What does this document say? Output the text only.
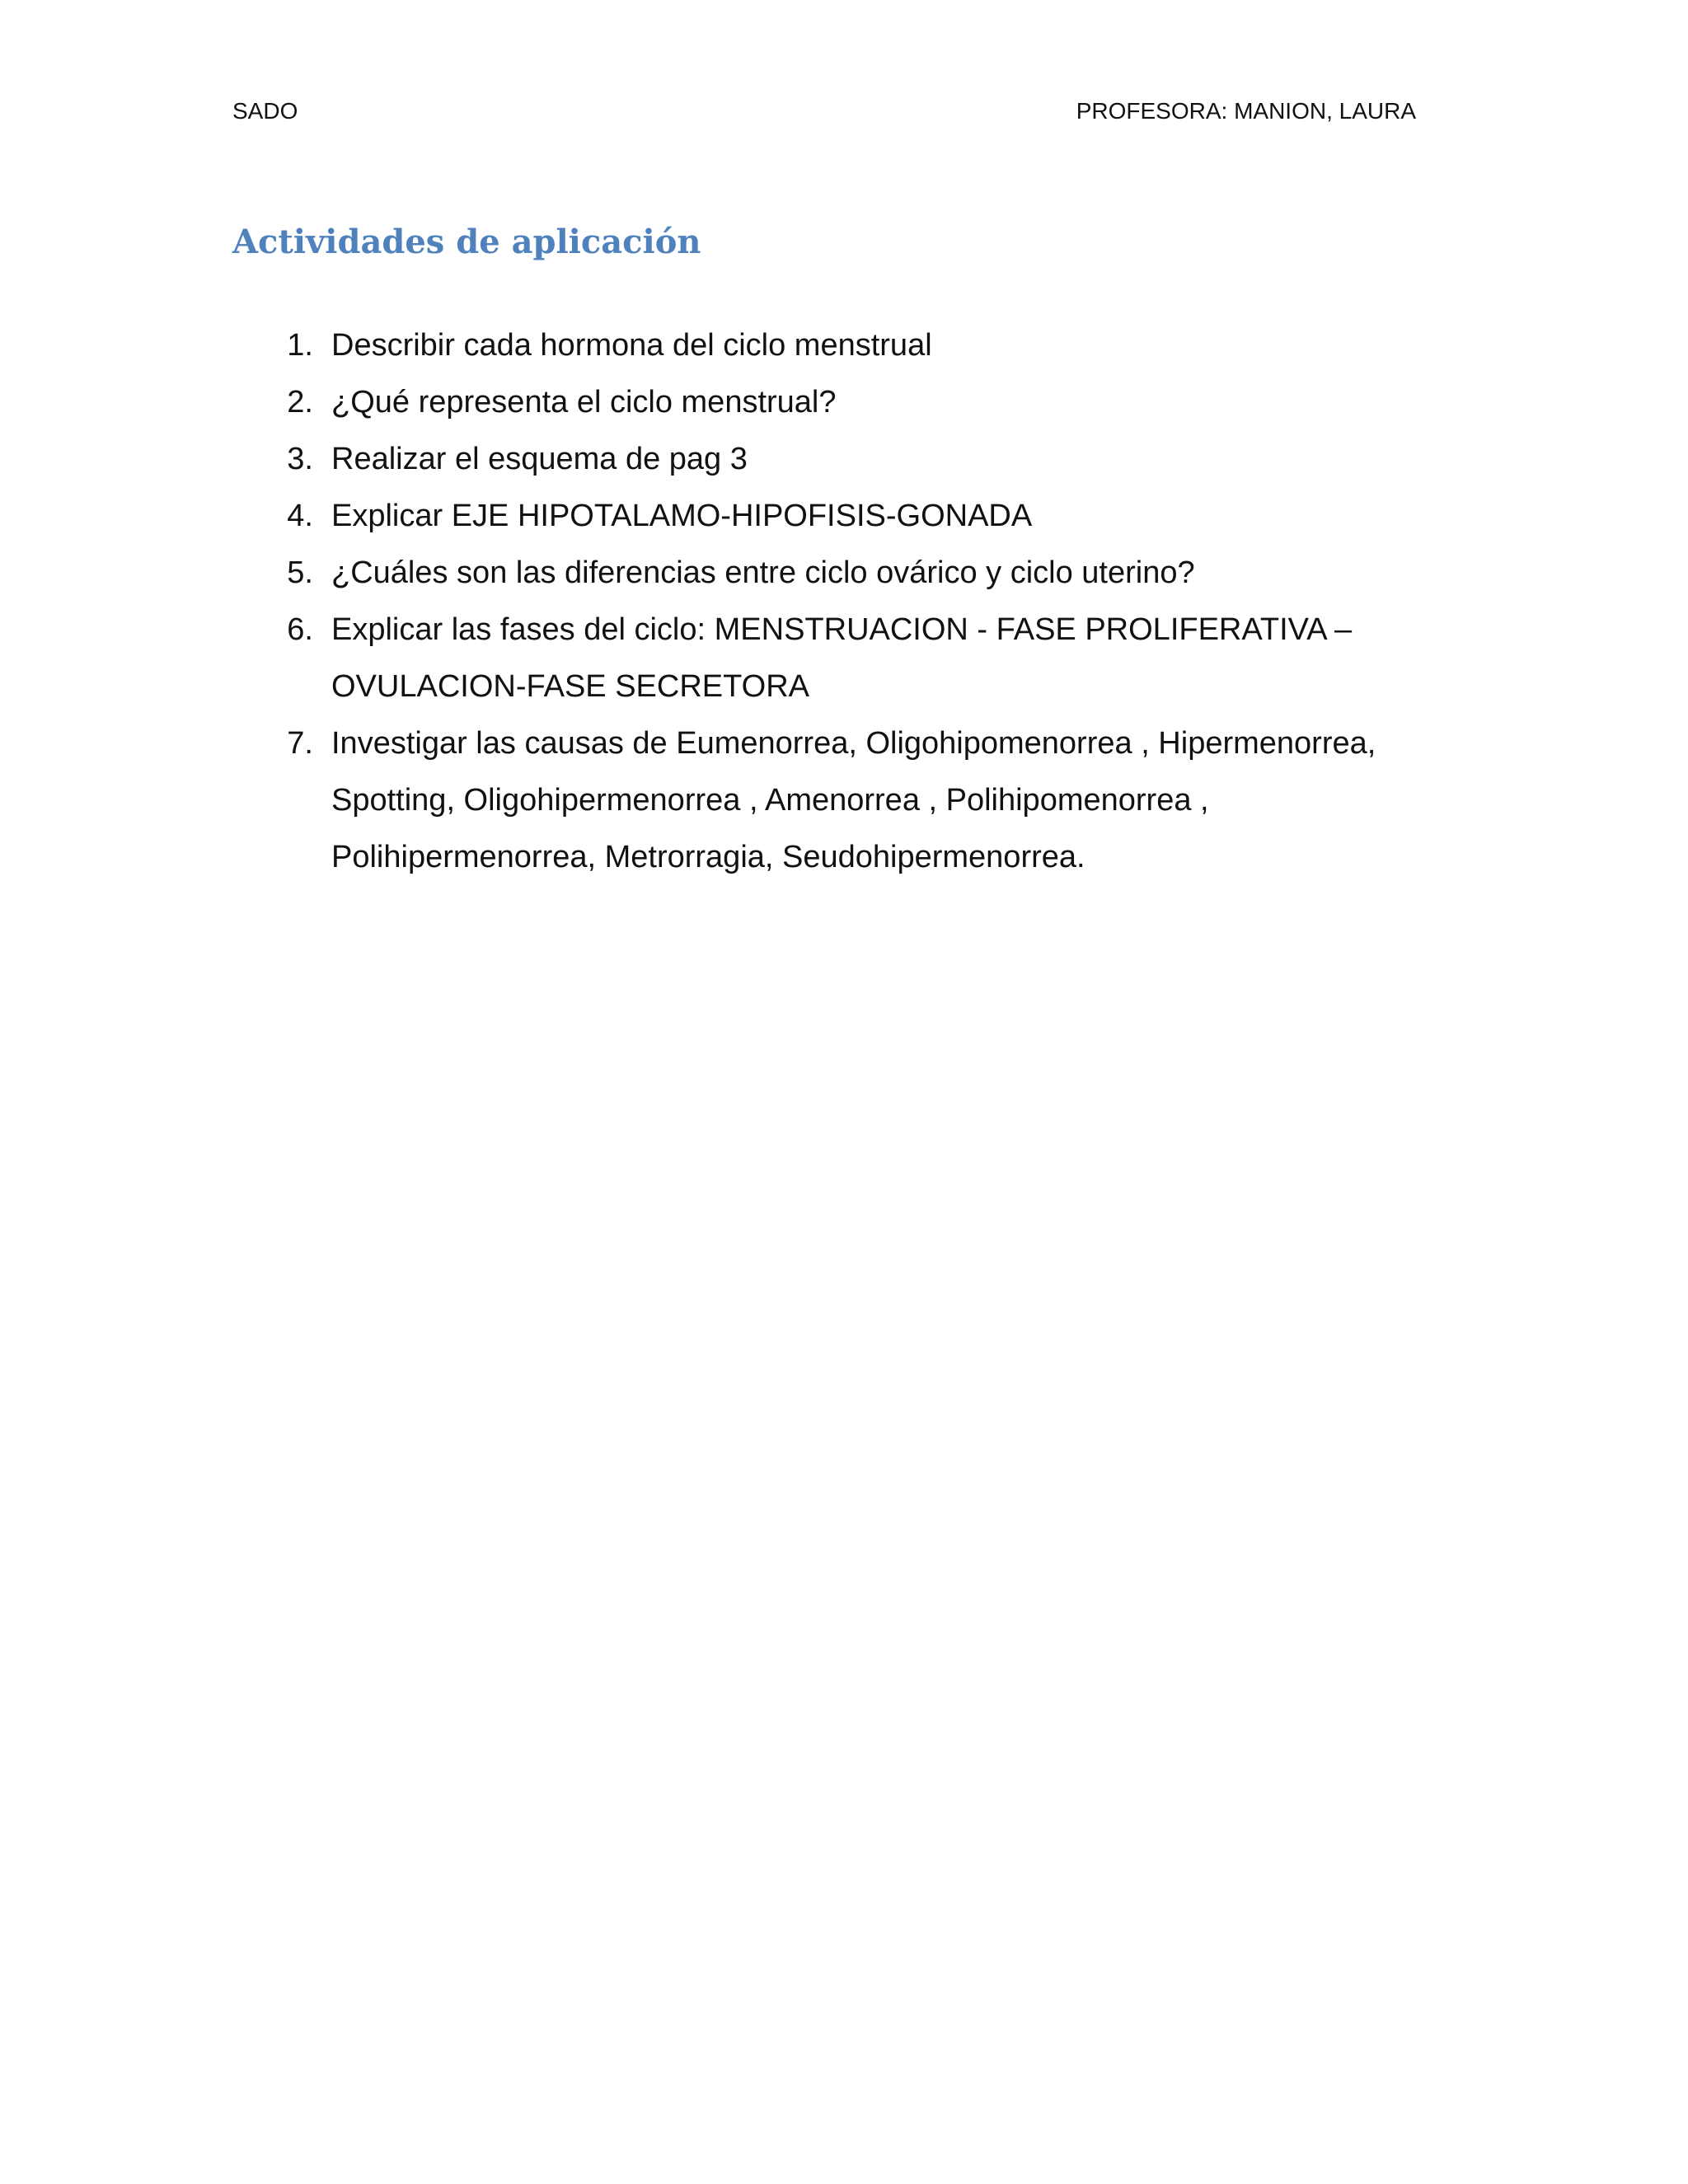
SADO	PROFESORA: MANION, LAURA
Actividades de aplicación
1. Describir cada hormona del ciclo menstrual
2. ¿Qué representa el ciclo menstrual?
3. Realizar el esquema de pag 3
4. Explicar EJE HIPOTALAMO-HIPOFISIS-GONADA
5. ¿Cuáles son las diferencias entre ciclo ovárico y ciclo uterino?
6. Explicar las fases del ciclo: MENSTRUACION - FASE PROLIFERATIVA –
OVULACION-FASE SECRETORA
7. Investigar las causas de Eumenorrea, Oligohipomenorrea , Hipermenorrea,
Spotting, Oligohipermenorrea , Amenorrea , Polihipomenorrea ,
Polihipermenorrea, Metrorragia, Seudohipermenorrea.
